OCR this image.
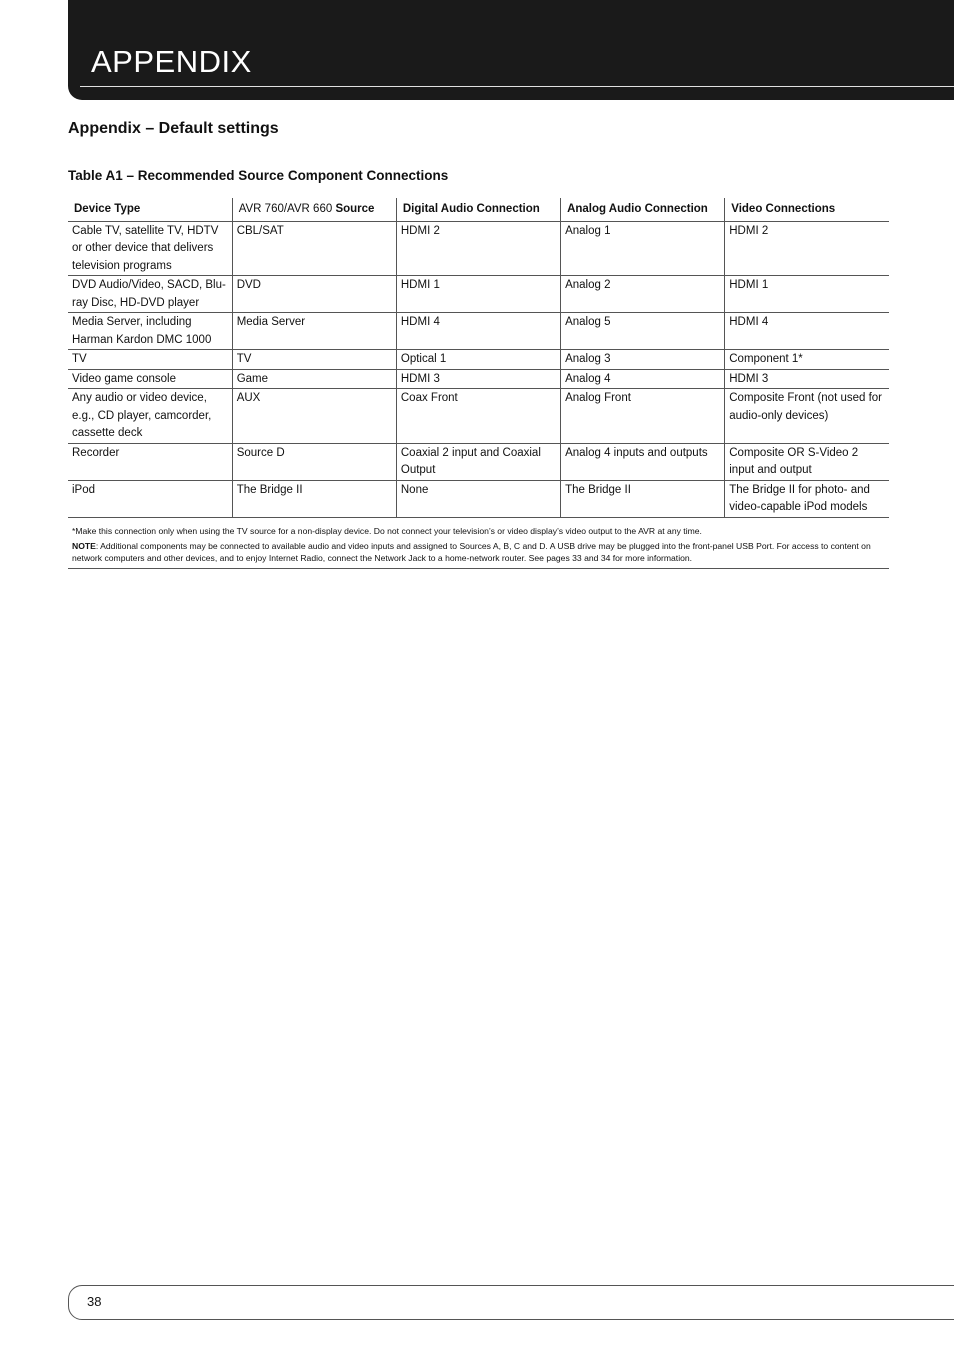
APPENDIX
Appendix – Default settings
Table A1 – Recommended Source Component Connections
Device Type	AVR 760/AVR 660 Source	Digital Audio Connection	Analog Audio Connection	Video Connections
Cable TV, satellite TV, HDTV or other device that delivers television programs	CBL/SAT	HDMI 2	Analog 1	HDMI 2
DVD Audio/Video, SACD, Blu-ray Disc, HD-DVD player	DVD	HDMI 1	Analog 2	HDMI 1
Media Server, including Harman Kardon DMC 1000	Media Server	HDMI 4	Analog 5	HDMI 4
TV	TV	Optical 1	Analog 3	Component 1*
Video game console	Game	HDMI 3	Analog 4	HDMI 3
Any audio or video device, e.g., CD player, camcorder, cassette deck	AUX	Coax Front	Analog Front	Composite Front (not used for audio-only devices)
Recorder	Source D	Coaxial 2 input and Coaxial Output	Analog 4 inputs and outputs	Composite OR S-Video 2 input and output
iPod	The Bridge II	None	The Bridge II	The Bridge II for photo- and video-capable iPod models

*Make this connection only when using the TV source for a non-display device. Do not connect your television’s or video display’s video output to the AVR at any time.

NOTE: Additional components may be connected to available audio and video inputs and assigned to Sources A, B, C and D. A USB drive may be plugged into the front-panel USB Port. For access to content on network computers and other devices, and to enjoy Internet Radio, connect the Network Jack to a home-network router. See pages 33 and 34 for more information.

38
